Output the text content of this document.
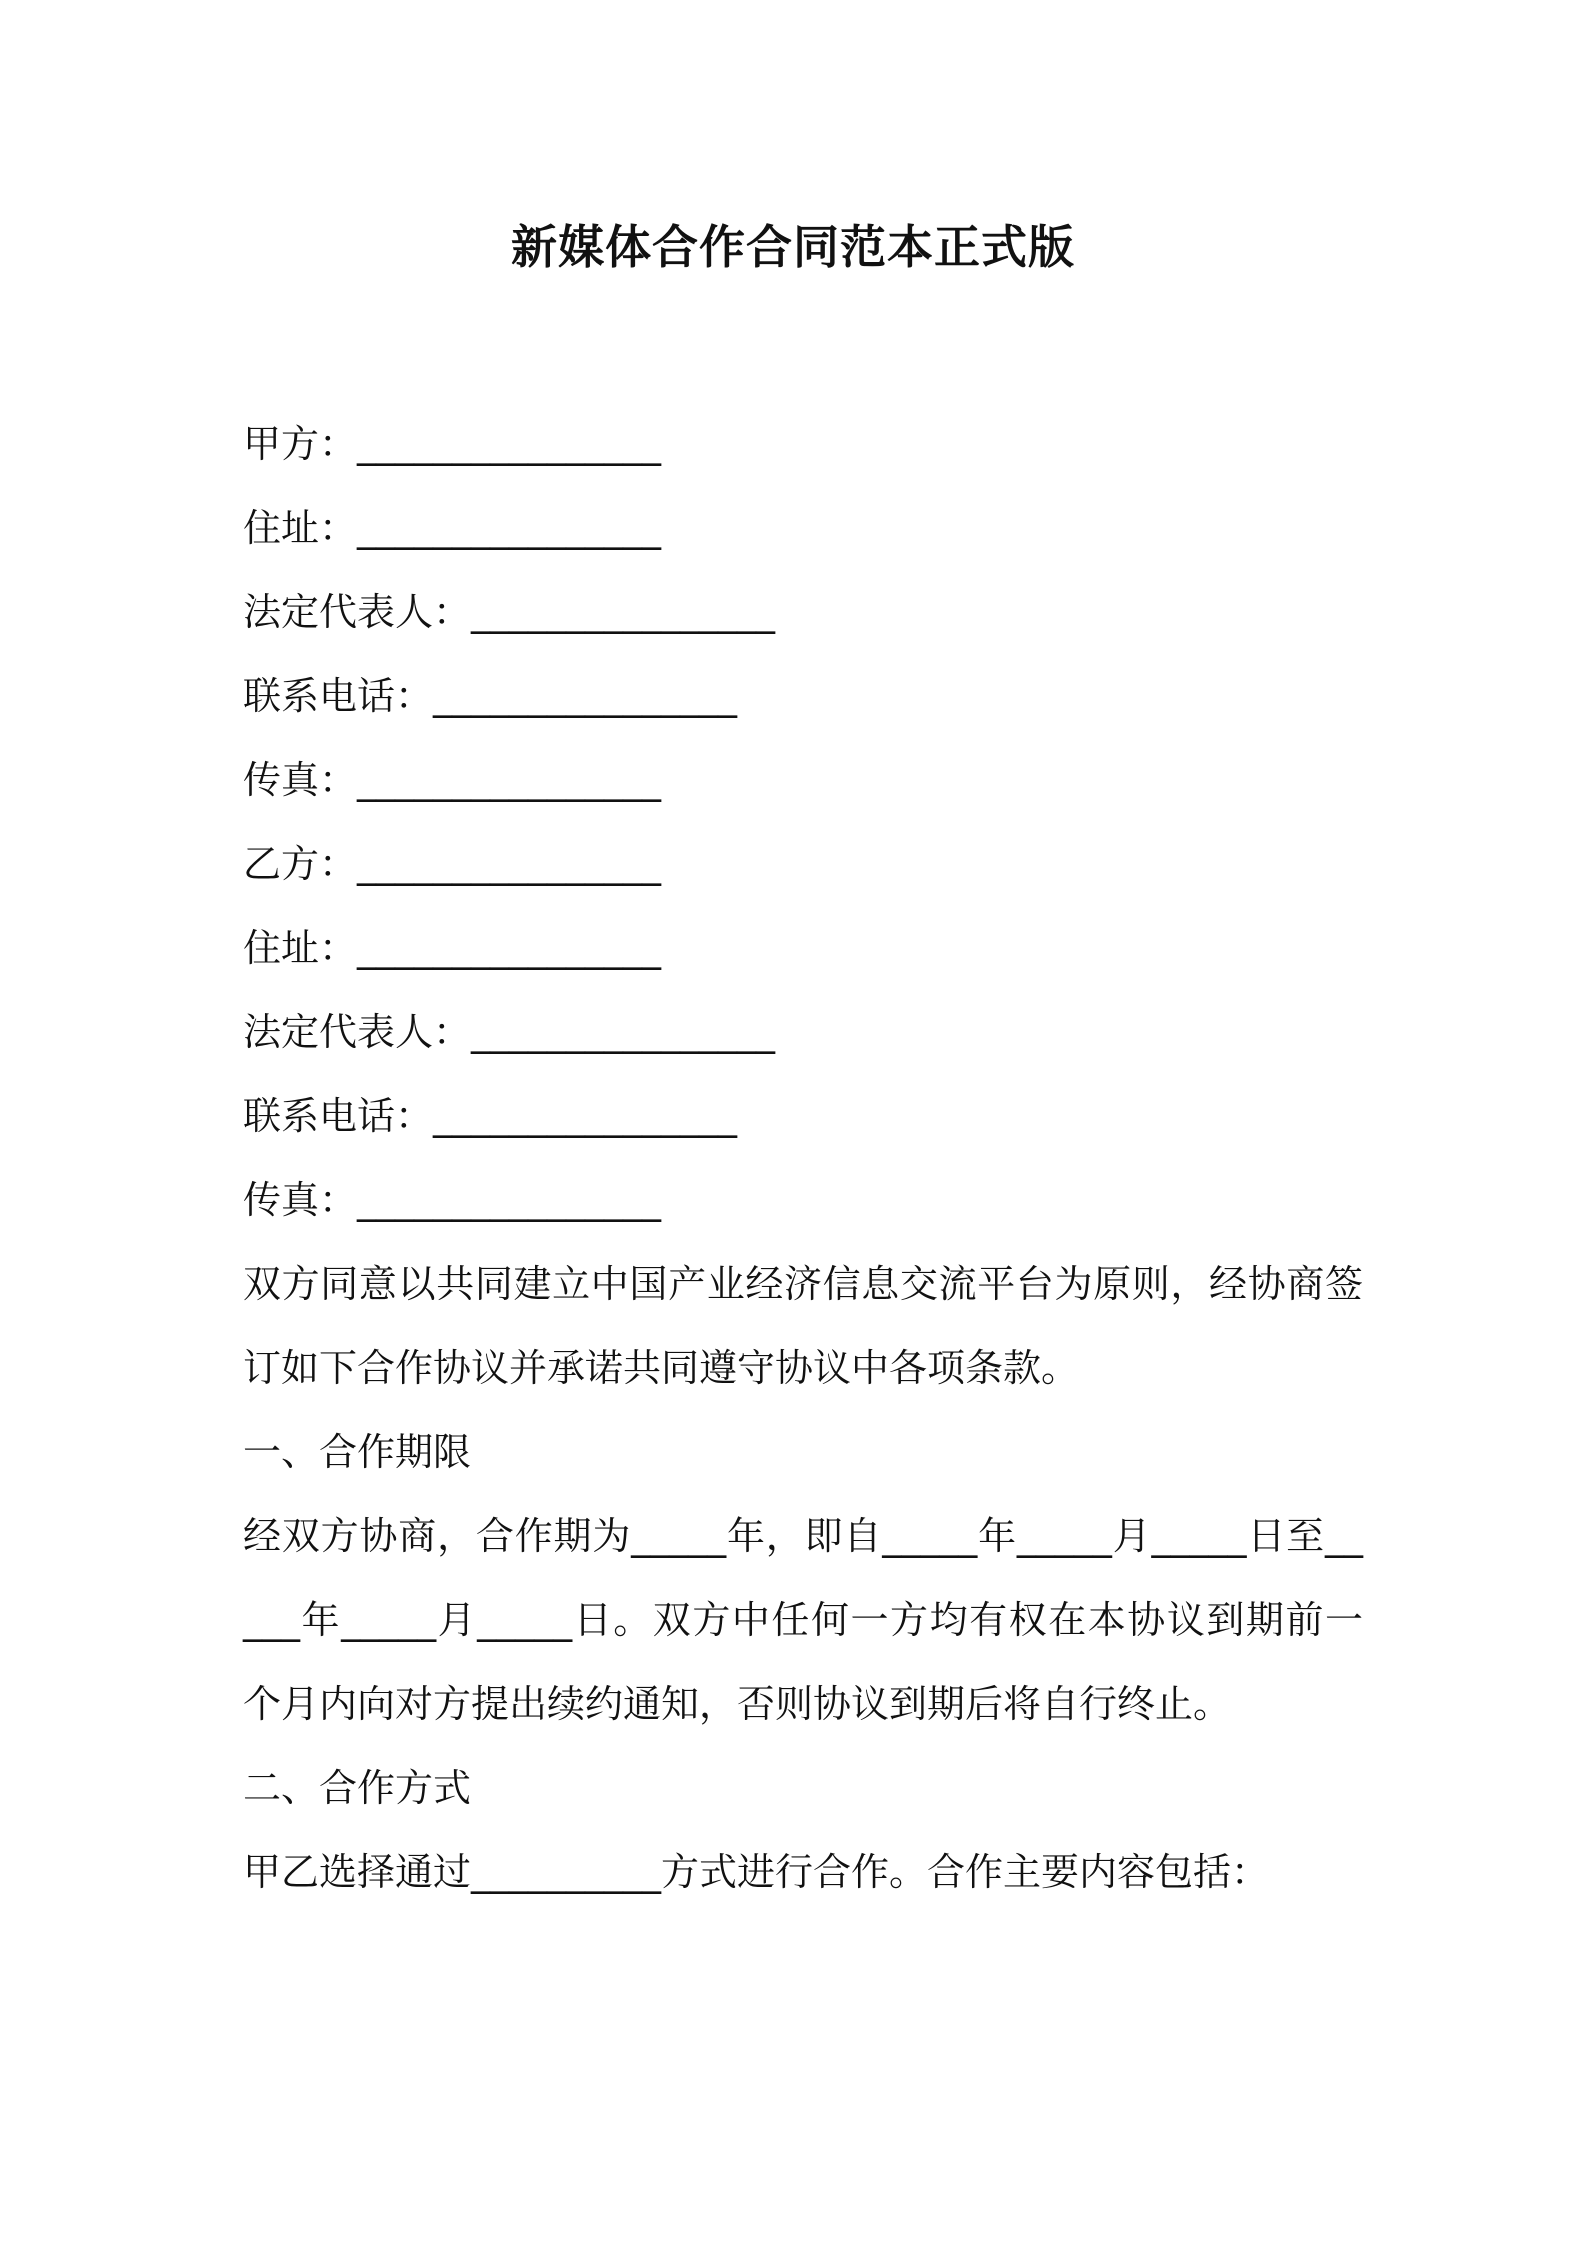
新媒体合作合同范本正式版
甲方：________________
住址：________________
法定代表人：________________
联系电话：________________
传真：________________
乙方：________________
住址：________________
法定代表人：________________
联系电话：________________
传真：________________
双方同意以共同建立中国产业经济信息交流平台为原则，经协商签订如下合作协议并承诺共同遵守协议中各项条款。
一、合作期限
经双方协商，合作期为_____年，即自_____年_____月_____日至_____年_____月_____日。双方中任何一方均有权在本协议到期前一个月内向对方提出续约通知，否则协议到期后将自行终止。
二、合作方式
甲乙选择通过__________方式进行合作。合作主要内容包括：
